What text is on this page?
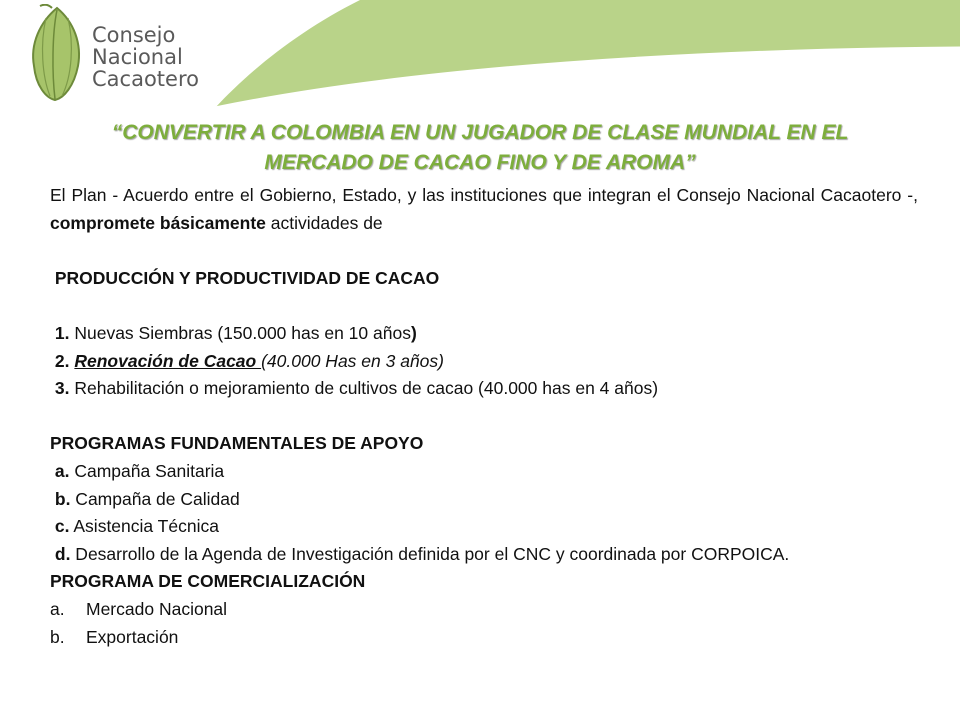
Consejo
Nacional
Cacaotero
“CONVERTIR A COLOMBIA EN UN JUGADOR DE CLASE MUNDIAL EN EL
MERCADO DE CACAO FINO Y DE AROMA”

El Plan - Acuerdo entre el Gobierno, Estado, y las instituciones que integran el Consejo Nacional Cacaotero -, compromete básicamente actividades de

PRODUCCIÓN Y PRODUCTIVIDAD DE CACAO

1. Nuevas Siembras (150.000 has en 10 años)

2. Renovación de Cacao (40.000 Has en 3 años)

3. Rehabilitación o mejoramiento de cultivos de cacao (40.000 has en 4 años)

PROGRAMAS FUNDAMENTALES DE APOYO

a. Campaña Sanitaria

b. Campaña de Calidad

c. Asistencia Técnica

d. Desarrollo de la Agenda de Investigación definida por el CNC y coordinada por CORPOICA.

PROGRAMA DE COMERCIALIZACIÓN

a. Mercado Nacional

b. Exportación
